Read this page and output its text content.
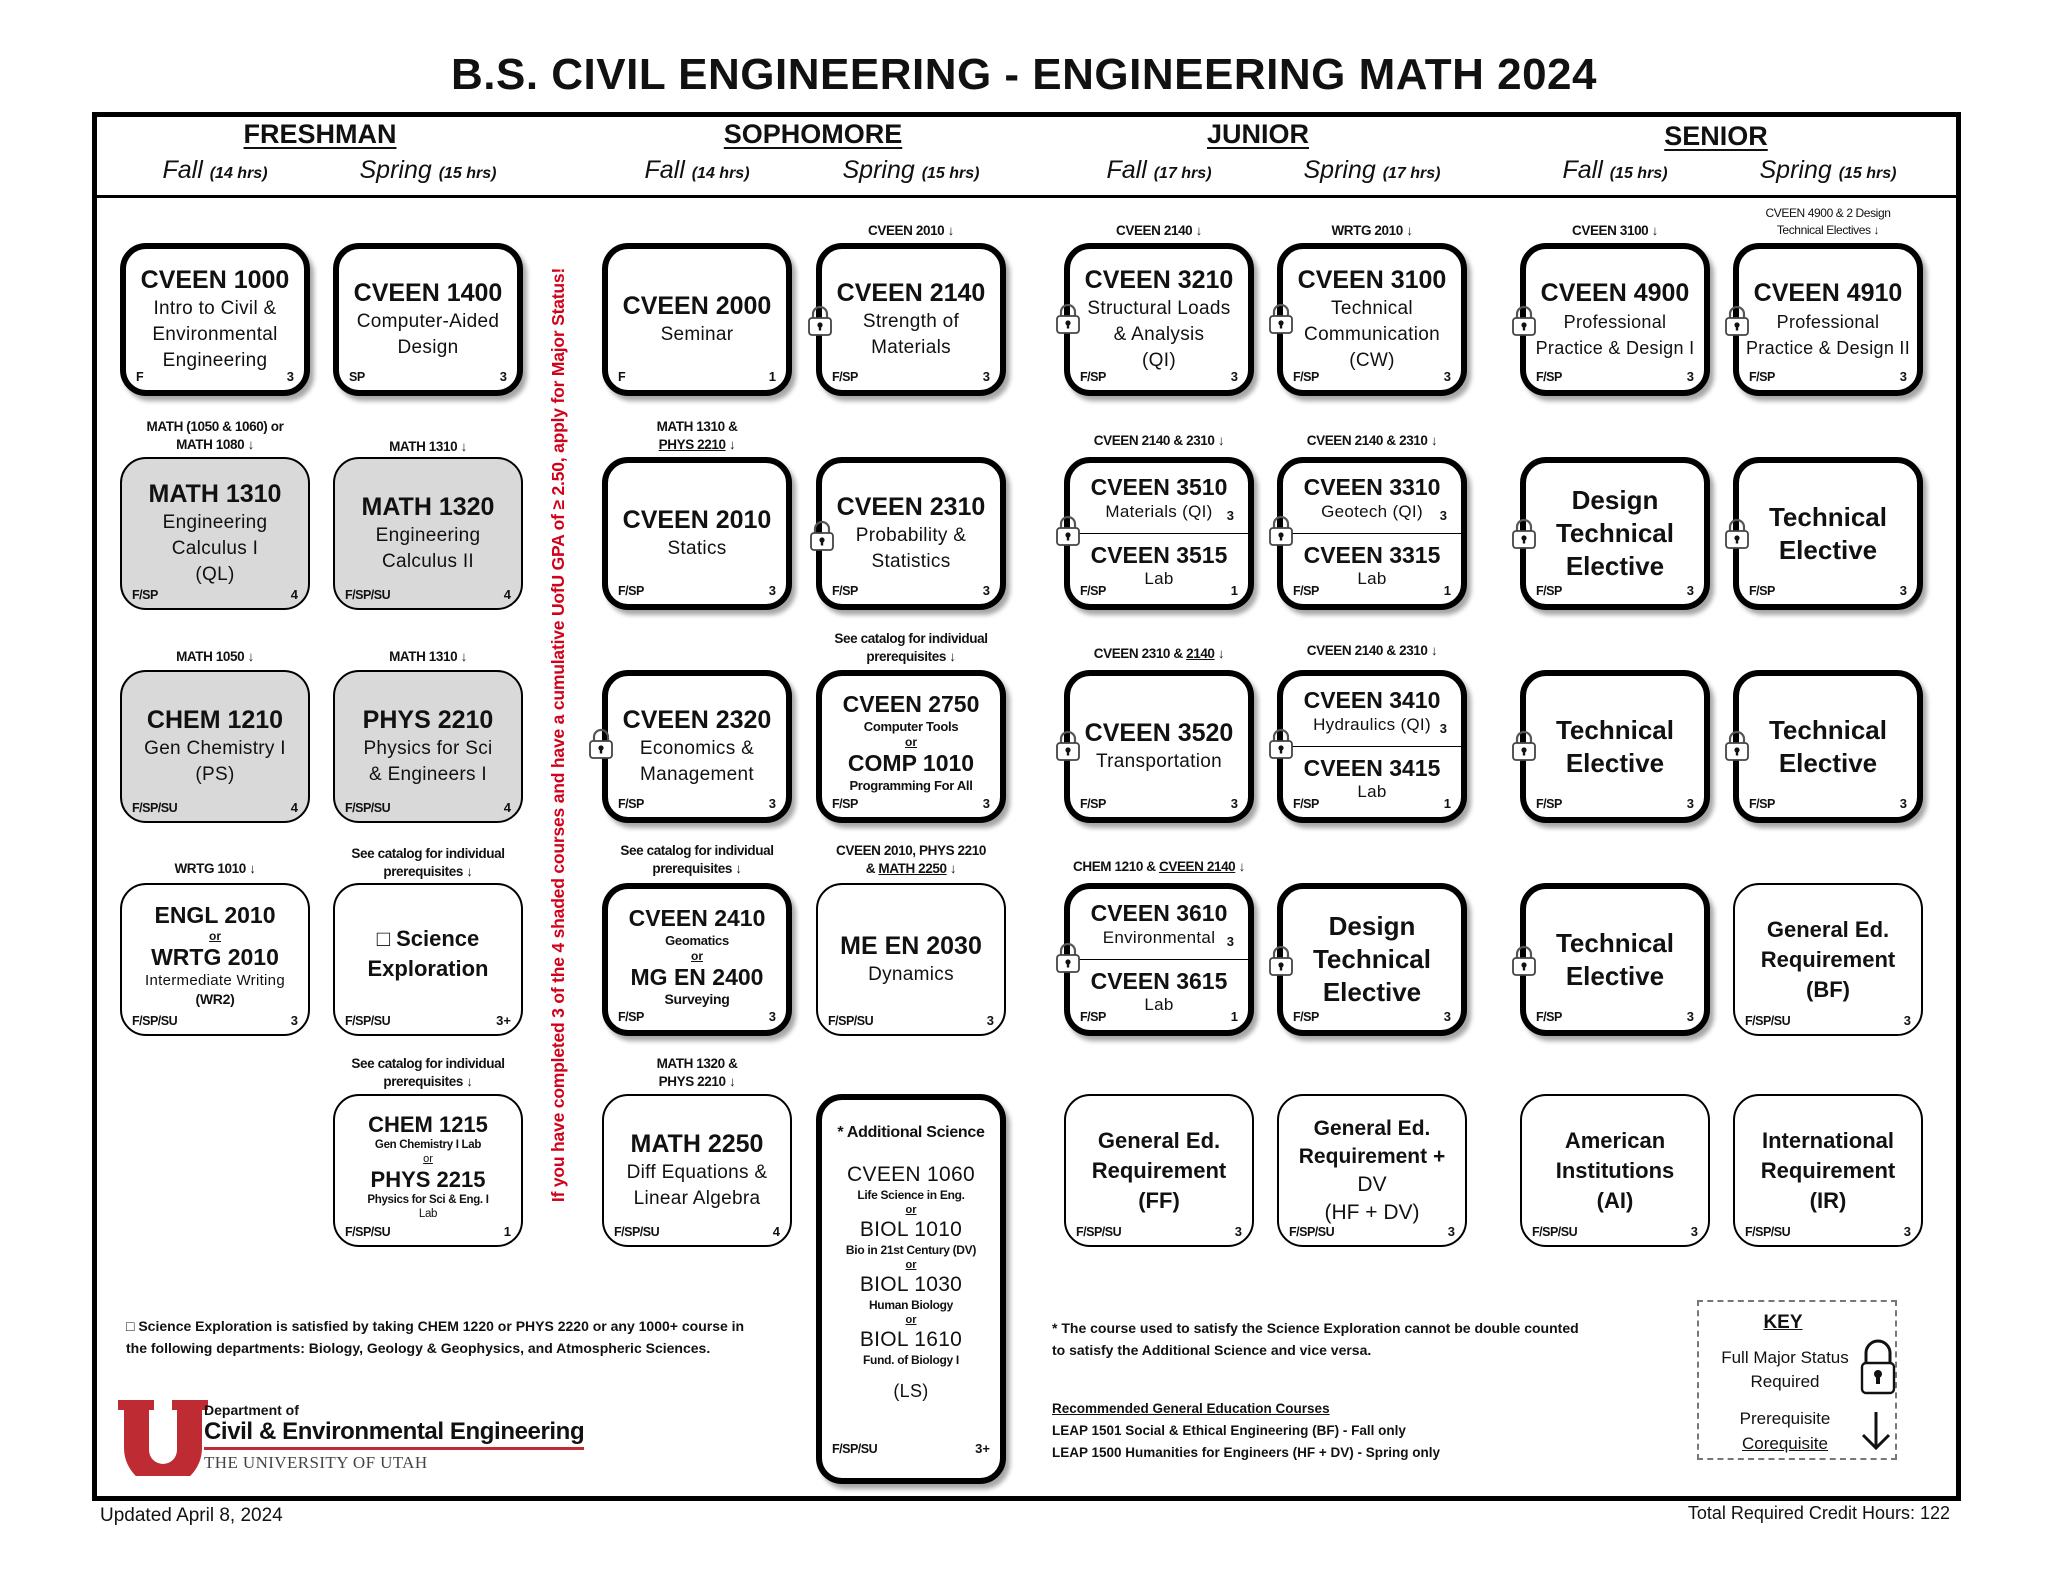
B.S. CIVIL ENGINEERING - ENGINEERING MATH 2024
FRESHMAN	SOPHOMORE	JUNIOR	SENIOR
Fall (14 hrs)	Spring (15 hrs)	Fall (14 hrs)	Spring (15 hrs)	Fall (17 hrs)	Spring (17 hrs)	Fall (15 hrs)	Spring (15 hrs)
If you have completed 3 of the 4 shaded courses and have a cumulative UofU GPA of ≥ 2.50, apply for Major Status!
CVEEN 1000
Intro to Civil &
Environmental
Engineering
F	3
MATH (1050 & 1060) or
MATH 1080 ↓
MATH 1310
Engineering
Calculus I
(QL)
F/SP	4
MATH 1050 ↓
CHEM 1210
Gen Chemistry I
(PS)
F/SP/SU	4
WRTG 1010 ↓
ENGL 2010
or
WRTG 2010
Intermediate Writing
(WR2)
F/SP/SU	3
CVEEN 1400
Computer-Aided
Design
SP	3
MATH 1310 ↓
MATH 1320
Engineering
Calculus II
F/SP/SU	4
MATH 1310 ↓
PHYS 2210
Physics for Sci
& Engineers I
F/SP/SU	4
See catalog for individual
prerequisites ↓
□ Science
Exploration
F/SP/SU	3+
See catalog for individual
prerequisites ↓
CHEM 1215
Gen Chemistry I Lab
or
PHYS 2215
Physics for Sci & Eng. I
Lab
F/SP/SU	1
CVEEN 2000
Seminar
F	1
MATH 1310 &
PHYS 2210 ↓
CVEEN 2010
Statics
F/SP	3
CVEEN 2320
Economics &
Management
F/SP	3
See catalog for individual
prerequisites ↓
CVEEN 2410
Geomatics
or
MG EN 2400
Surveying
F/SP	3
MATH 1320 &
PHYS 2210 ↓
MATH 2250
Diff Equations &
Linear Algebra
F/SP/SU	4
CVEEN 2010 ↓
CVEEN 2140
Strength of
Materials
F/SP	3
CVEEN 2310
Probability &
Statistics
F/SP	3
See catalog for individual
prerequisites ↓
CVEEN 2750
Computer Tools
or
COMP 1010
Programming For All
F/SP	3
CVEEN 2010, PHYS 2210
& MATH 2250 ↓
ME EN 2030
Dynamics
F/SP/SU	3
* Additional Science
CVEEN 1060
Life Science in Eng.
or
BIOL 1010
Bio in 21st Century (DV)
or
BIOL 1030
Human Biology
or
BIOL 1610
Fund. of Biology I
(LS)
F/SP/SU	3+
CVEEN 2140 ↓
CVEEN 3210
Structural Loads
& Analysis
(QI)
F/SP	3
CVEEN 2140 & 2310 ↓
CVEEN 3510
Materials (QI) 3
CVEEN 3515
Lab
F/SP	1
CVEEN 2310 & 2140 ↓
CVEEN 3520
Transportation
F/SP	3
CHEM 1210 & CVEEN 2140 ↓
CVEEN 3610
Environmental 3
CVEEN 3615
Lab
F/SP	1
General Ed.
Requirement
(FF)
F/SP/SU	3
WRTG 2010 ↓
CVEEN 3100
Technical
Communication
(CW)
F/SP	3
CVEEN 2140 & 2310 ↓
CVEEN 3310
Geotech (QI) 3
CVEEN 3315
Lab
F/SP	1
CVEEN 2140 & 2310 ↓
CVEEN 3410
Hydraulics (QI) 3
CVEEN 3415
Lab
F/SP	1
Design
Technical
Elective
F/SP	3
General Ed.
Requirement +
DV
(HF + DV)
F/SP/SU	3
CVEEN 3100 ↓
CVEEN 4900
Professional
Practice & Design I
F/SP	3
Design
Technical
Elective
F/SP	3
Technical
Elective
F/SP	3
Technical
Elective
F/SP	3
American
Institutions
(AI)
F/SP/SU	3
CVEEN 4900 & 2 Design
Technical Electives ↓
CVEEN 4910
Professional
Practice & Design II
F/SP	3
Technical
Elective
F/SP	3
Technical
Elective
F/SP	3
General Ed.
Requirement
(BF)
F/SP/SU	3
International
Requirement
(IR)
F/SP/SU	3
□ Science Exploration is satisfied by taking CHEM 1220 or PHYS 2220 or any 1000+ course in the following departments: Biology, Geology & Geophysics, and Atmospheric Sciences.
* The course used to satisfy the Science Exploration cannot be double counted to satisfy the Additional Science and vice versa.
Recommended General Education Courses
LEAP 1501 Social & Ethical Engineering (BF) - Fall only
LEAP 1500 Humanities for Engineers (HF + DV) - Spring only
KEY
Full Major Status
Required
Prerequisite
Corequisite
Department of
Civil & Environmental Engineering
THE UNIVERSITY OF UTAH
Updated April 8, 2024	Total Required Credit Hours: 122
